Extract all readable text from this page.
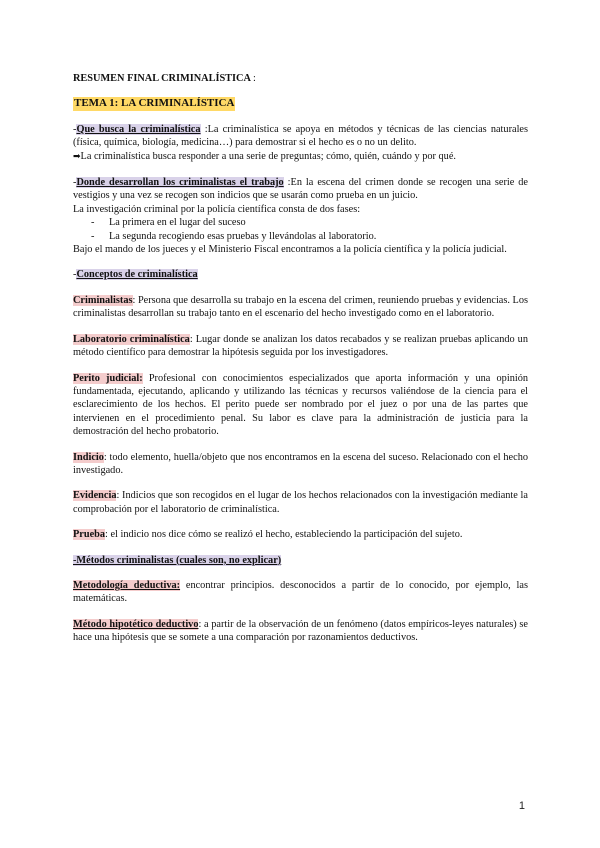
RESUMEN FINAL CRIMINALÍSTICA :

TEMA 1: LA CRIMINALÍSTICA

-Que busca la criminalística :La criminalística se apoya en métodos y técnicas de las ciencias naturales (física, química, biología, medicina…) para demostrar si el hecho es o no un delito.

➡La criminalística busca responder a una serie de preguntas; cómo, quién, cuándo y por qué.

-Donde desarrollan los criminalistas el trabajo :En la escena del crimen donde se recogen una serie de vestigios y una vez se recogen son indicios que se usarán como prueba en un juicio.

La investigación criminal por la policía científica consta de dos fases:

- La primera en el lugar del suceso
- La segunda recogiendo esas pruebas y llevándolas al laboratorio.

Bajo el mando de los jueces y el Ministerio Fiscal encontramos a la policía científica y la policía judicial.

-Conceptos de criminalística

Criminalistas: Persona que desarrolla su trabajo en la escena del crimen, reuniendo pruebas y evidencias. Los criminalistas desarrollan su trabajo tanto en el escenario del hecho investigado como en el laboratorio.

Laboratorio criminalística: Lugar donde se analizan los datos recabados y se realizan pruebas aplicando un método científico para demostrar la hipótesis seguida por los investigadores.

Perito judicial: Profesional con conocimientos especializados que aporta información y una opinión fundamentada, ejecutando, aplicando y utilizando las técnicas y recursos valiéndose de la ciencia para el esclarecimiento de los hechos. El perito puede ser nombrado por el juez o por una de las partes que intervienen en el procedimiento penal. Su labor es clave para la administración de justicia para la demostración del hecho probatorio.

Indicio: todo elemento, huella/objeto que nos encontramos en la escena del suceso. Relacionado con el hecho investigado.

Evidencia: Indicios que son recogidos en el lugar de los hechos relacionados con la investigación mediante la comprobación por el laboratorio de criminalística.

Prueba: el indicio nos dice cómo se realizó el hecho, estableciendo la participación del sujeto.

-Métodos criminalistas (cuales son, no explicar)

Metodología deductiva: encontrar principios. desconocidos a partir de lo conocido, por ejemplo, las matemáticas.

Método hipotético deductivo: a partir de la observación de un fenómeno (datos empíricos-leyes naturales) se hace una hipótesis que se somete a una comparación por razonamientos deductivos.

1
